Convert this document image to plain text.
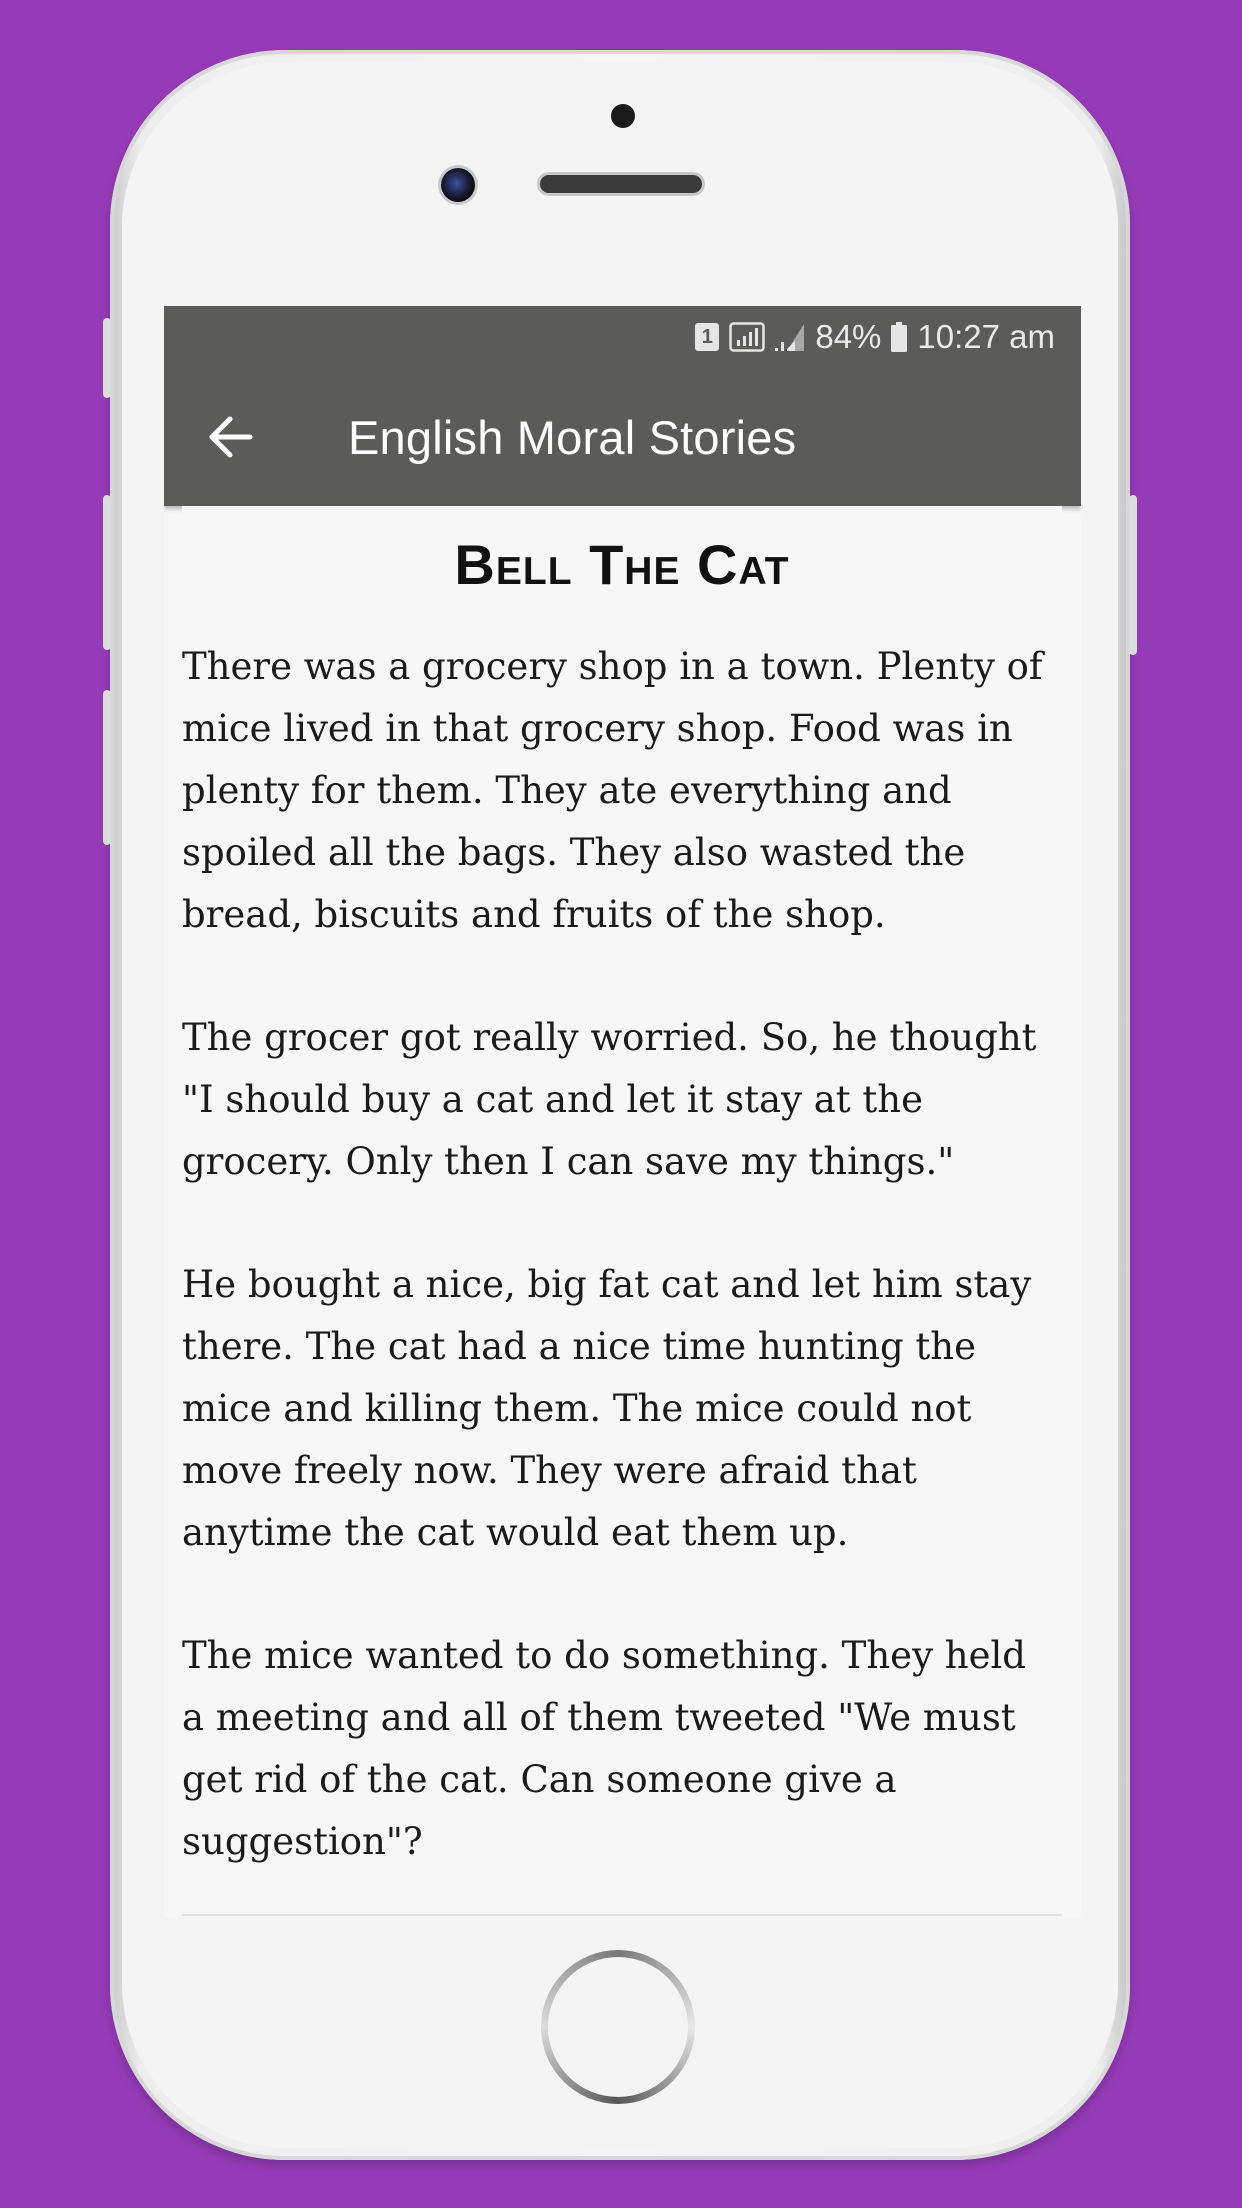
1	84% 10:27 am
English Moral Stories
Bell The Cat

There was a grocery shop in a town. Plenty of mice lived in that grocery shop. Food was in plenty for them. They ate everything and spoiled all the bags. They also wasted the bread, biscuits and fruits of the shop.

The grocer got really worried. So, he thought "I should buy a cat and let it stay at the grocery. Only then I can save my things."

He bought a nice, big fat cat and let him stay there. The cat had a nice time hunting the mice and killing them. The mice could not move freely now. They were afraid that anytime the cat would eat them up.

The mice wanted to do something. They held a meeting and all of them tweeted "We must get rid of the cat. Can someone give a suggestion"?
